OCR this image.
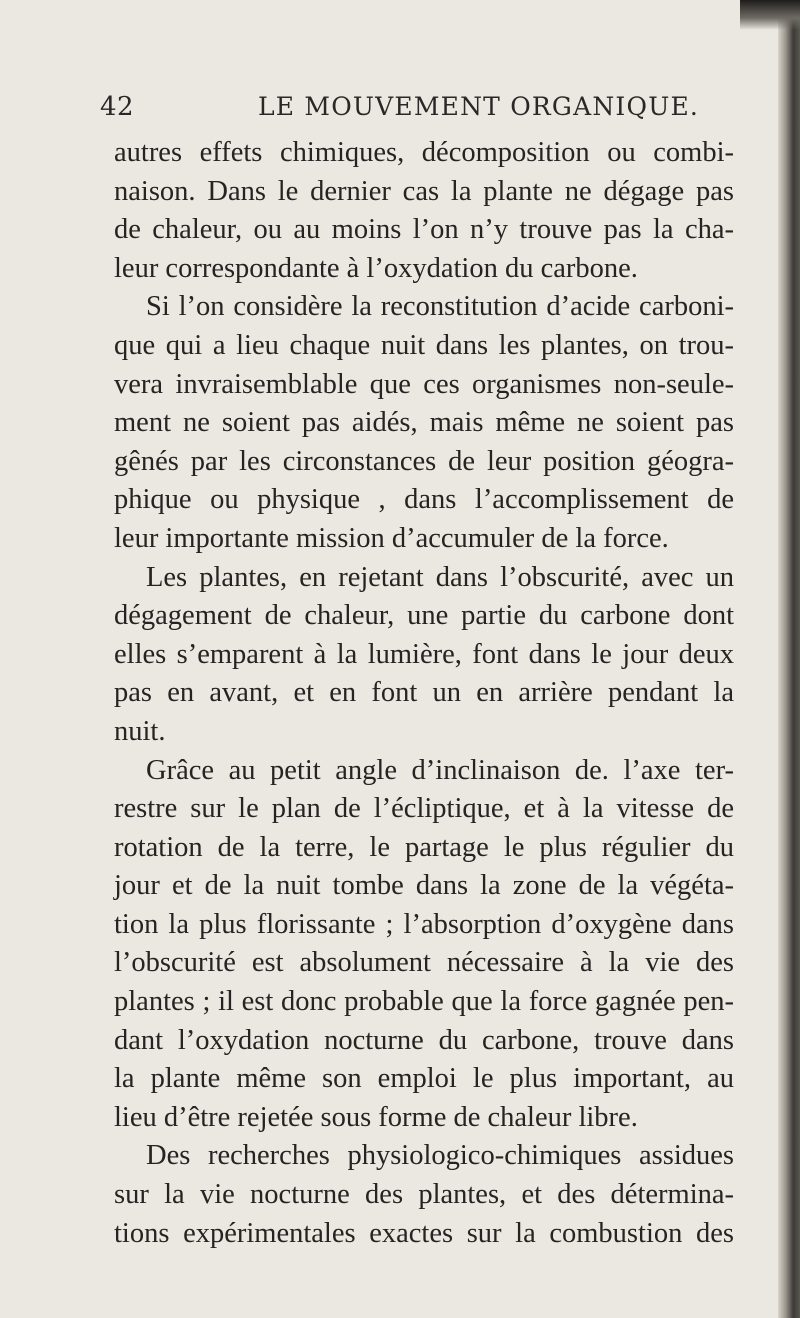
42	LE MOUVEMENT ORGANIQUE.
autres effets chimiques, décomposition ou combi-
naison. Dans le dernier cas la plante ne dégage pas
de chaleur, ou au moins l’on n’y trouve pas la cha-
leur correspondante à l’oxydation du carbone.
Si l’on considère la reconstitution d’acide carboni-
que qui a lieu chaque nuit dans les plantes, on trou-
vera invraisemblable que ces organismes non-seule-
ment ne soient pas aidés, mais même ne soient pas
gênés par les circonstances de leur position géogra-
phique ou physique , dans l’accomplissement de
leur importante mission d’accumuler de la force.
Les plantes, en rejetant dans l’obscurité, avec un
dégagement de chaleur, une partie du carbone dont
elles s’emparent à la lumière, font dans le jour deux
pas en avant, et en font un en arrière pendant la
nuit.
Grâce au petit angle d’inclinaison de. l’axe ter-
restre sur le plan de l’écliptique, et à la vitesse de
rotation de la terre, le partage le plus régulier du
jour et de la nuit tombe dans la zone de la végéta-
tion la plus florissante ; l’absorption d’oxygène dans
l’obscurité est absolument nécessaire à la vie des
plantes ; il est donc probable que la force gagnée pen-
dant l’oxydation nocturne du carbone, trouve dans
la plante même son emploi le plus important, au
lieu d’être rejetée sous forme de chaleur libre.
Des recherches physiologico-chimiques assidues
sur la vie nocturne des plantes, et des détermina-
tions expérimentales exactes sur la combustion des
